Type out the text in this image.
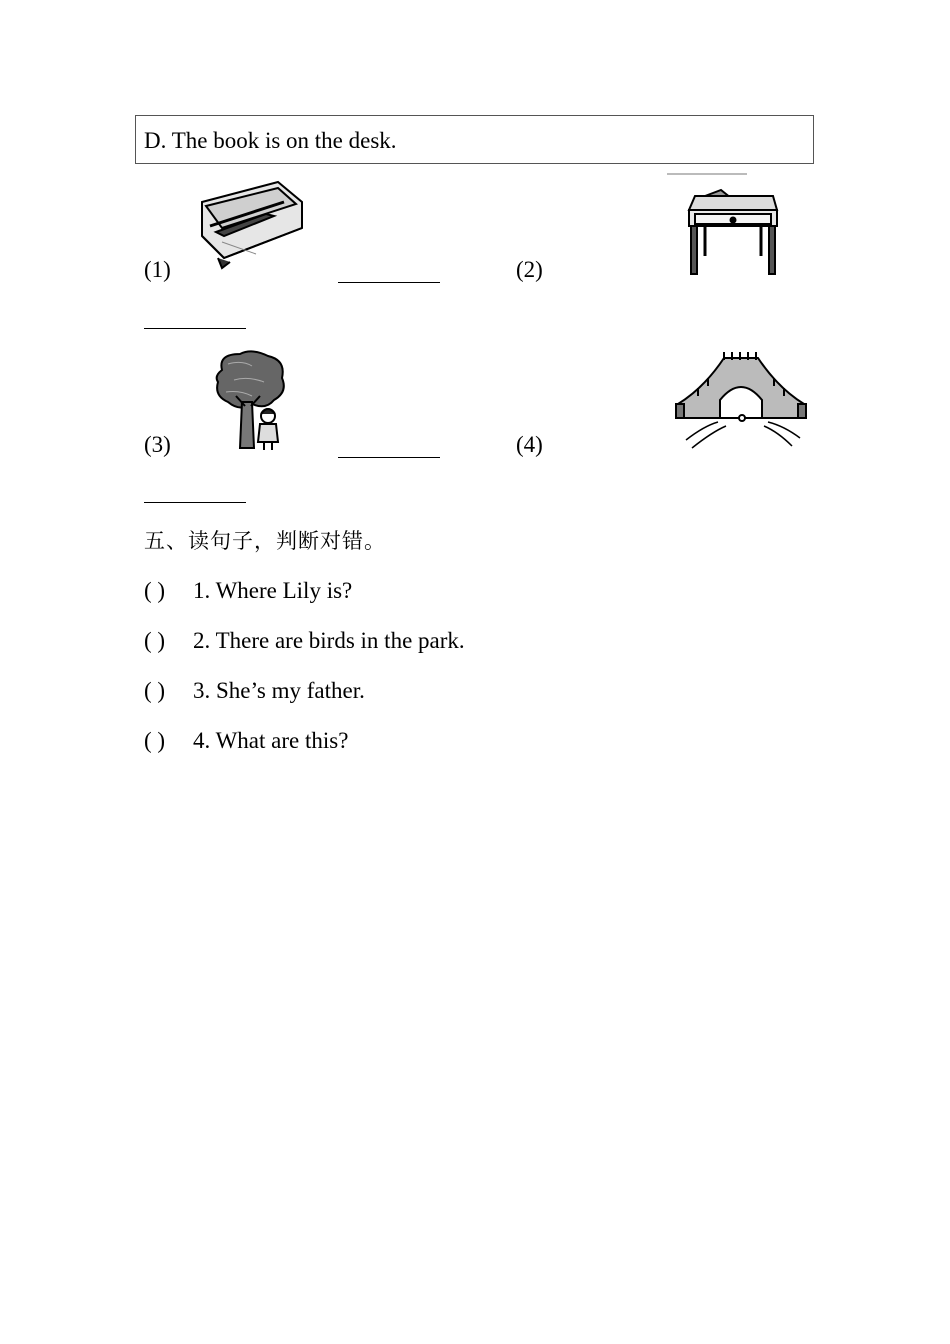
D. The book is on the desk.
(1)	(2)
(3)	(4)
五、读句子，判断对错。
( ) 1. Where Lily is?
( ) 2. There are birds in the park.
( ) 3. She’s my father.
( ) 4. What are this?
